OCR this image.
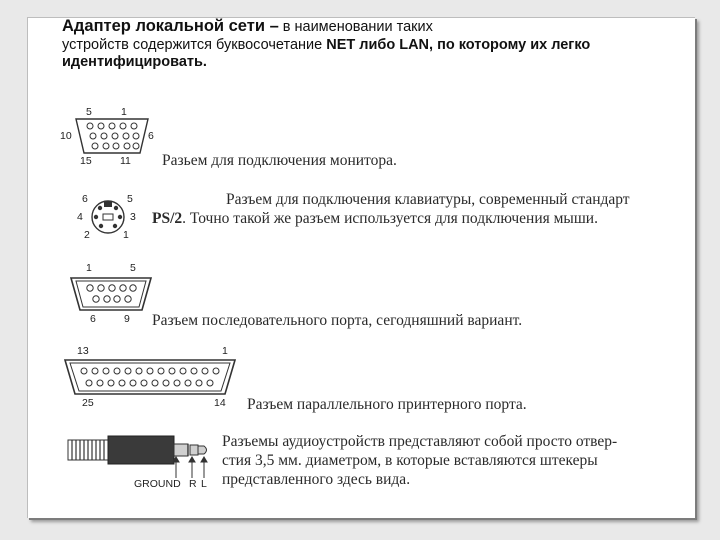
Адаптер локальной сети – в наименовании таких
устройств содержится буквосочетание NET либо LAN, по которому их легко
идентифицировать.
5	1
10	6
15	11 Разьем для подключения монитора.
6	5
4	3
2	1
Разъем для подключения клавиатуры, современный стандарт
PS/2. Точно такой же разъем используется для подключения мыши.
1	5
6	9 Разъем последовательного порта, сегодняшний вариант.
13	1
25	14 Разъем параллельного принтерного порта.
GROUND R L
Разъемы аудиоустройств представляют собой просто отвер-
стия 3,5 мм. диаметром, в которые вставляются штекеры
представленного здесь вида.
